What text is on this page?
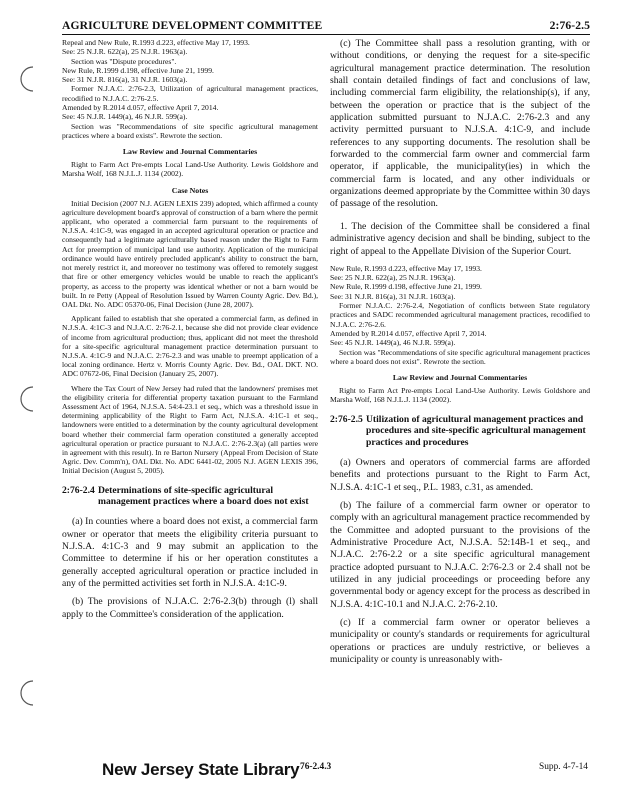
AGRICULTURE DEVELOPMENT COMMITTEE	2:76-2.5

Repeal and New Rule, R.1993 d.223, effective May 17, 1993.

See: 25 N.J.R. 622(a), 25 N.J.R. 1963(a).

Section was "Dispute procedures".

New Rule, R.1999 d.198, effective June 21, 1999.

See: 31 N.J.R. 816(a), 31 N.J.R. 1603(a).

Former N.J.A.C. 2:76-2.3, Utilization of agricultural management practices, recodified to N.J.A.C. 2:76-2.5.

Amended by R.2014 d.057, effective April 7, 2014.

See: 45 N.J.R. 1449(a), 46 N.J.R. 599(a).

Section was "Recommendations of site specific agricultural management practices where a board exists". Rewrote the section.

Law Review and Journal Commentaries

Right to Farm Act Pre-empts Local Land-Use Authority. Lewis Goldshore and Marsha Wolf, 168 N.J.L.J. 1134 (2002).

Case Notes

Initial Decision (2007 N.J. AGEN LEXIS 239) adopted, which affirmed a county agriculture development board's approval of construction of a barn where the permit applicant, who operated a commercial farm pursuant to the requirements of N.J.S.A. 4:1C-9, was engaged in an accepted agricultural operation or practice and consequently had a legitimate agriculturally based reason under the Right to Farm Act for preemption of municipal land use authority. Application of the municipal ordinance would have entirely precluded applicant's ability to construct the barn, not merely restrict it, and moreover no testimony was offered to remotely suggest that fire or other emergency vehicles would be unable to reach the applicant's property, as access to the property was identical whether or not a barn would be built. In re Petty (Appeal of Resolution Issued by Warren County Agric. Dev. Bd.), OAL Dkt. No. ADC 05370-06, Final Decision (June 28, 2007).

Applicant failed to establish that she operated a commercial farm, as defined in N.J.S.A. 4:1C-3 and N.J.A.C. 2:76-2.1, because she did not provide clear evidence of income from agricultural production; thus, applicant did not meet the threshold for a site-specific agricultural management practice determination pursuant to N.J.S.A. 4:1C-9 and N.J.A.C. 2:76-2.3 and was unable to preempt application of a local zoning ordinance. Hertz v. Morris County Agric. Dev. Bd., OAL DKT. NO. ADC 07672-06, Final Decision (January 25, 2007).

Where the Tax Court of New Jersey had ruled that the landowners' premises met the eligibility criteria for differential property taxation pursuant to the Farmland Assessment Act of 1964, N.J.S.A. 54:4-23.1 et seq., which was a threshold issue in determining applicability of the Right to Farm Act, N.J.S.A. 4:1C-1 et seq., landowners were entitled to a determination by the county agricultural development board whether their commercial farm operation constituted a generally accepted agricultural operation or practice pursuant to N.J.A.C. 2:76-2.3(a) (all parties were in agreement with this result). In re Barton Nursery (Appeal From Decision of State Agric. Dev. Comm'n), OAL Dkt. No. ADC 6441-02, 2005 N.J. AGEN LEXIS 396, Initial Decision (August 5, 2005).

2:76-2.4 Determinations of site-specific agricultural management practices where a board does not exist

(a) In counties where a board does not exist, a commercial farm owner or operator that meets the eligibility criteria pursuant to N.J.S.A. 4:1C-3 and 9 may submit an application to the Committee to determine if his or her operation constitutes a generally accepted agricultural operation or practice included in any of the permitted activities set forth in N.J.S.A. 4:1C-9.

(b) The provisions of N.J.A.C. 2:76-2.3(b) through (l) shall apply to the Committee's consideration of the application.

(c) The Committee shall pass a resolution granting, with or without conditions, or denying the request for a site-specific agricultural management practice determination. The resolution shall contain detailed findings of fact and conclusions of law, including commercial farm eligibility, the relationship(s), if any, between the operation or practice that is the subject of the application submitted pursuant to N.J.A.C. 2:76-2.3 and any activity permitted pursuant to N.J.S.A. 4:1C-9, and include references to any supporting documents. The resolution shall be forwarded to the commercial farm owner and commercial farm operator, if applicable, the municipality(ies) in which the commercial farm is located, and any other individuals or organizations deemed appropriate by the Committee within 30 days of passage of the resolution.

1. The decision of the Committee shall be considered a final administrative agency decision and shall be binding, subject to the right of appeal to the Appellate Division of the Superior Court.

New Rule, R.1993 d.223, effective May 17, 1993.

See: 25 N.J.R. 622(a), 25 N.J.R. 1963(a).

New Rule, R.1999 d.198, effective June 21, 1999.

See: 31 N.J.R. 816(a), 31 N.J.R. 1603(a).

Former N.J.A.C. 2:76-2.4, Negotiation of conflicts between State regulatory practices and SADC recommended agricultural management practices, recodified to N.J.A.C. 2:76-2.6.

Amended by R.2014 d.057, effective April 7, 2014.

See: 45 N.J.R. 1449(a), 46 N.J.R. 599(a).

Section was "Recommendations of site specific agricultural management practices where a board does not exist". Rewrote the section.

Law Review and Journal Commentaries

Right to Farm Act Pre-empts Local Land-Use Authority. Lewis Goldshore and Marsha Wolf, 168 N.J.L.J. 1134 (2002).

2:76-2.5 Utilization of agricultural management practices and procedures and site-specific agricultural management practices and procedures

(a) Owners and operators of commercial farms are afforded benefits and protections pursuant to the Right to Farm Act, N.J.S.A. 4:1C-1 et seq., P.L. 1983, c.31, as amended.

(b) The failure of a commercial farm owner or operator to comply with an agricultural management practice recommended by the Committee and adopted pursuant to the provisions of the Administrative Procedure Act, N.J.S.A. 52:14B-1 et seq., and N.J.A.C. 2:76-2.2 or a site specific agricultural management practice adopted pursuant to N.J.A.C. 2:76-2.3 or 2.4 shall not be utilized in any judicial proceedings or proceeding before any governmental body or agency except for the process as described in N.J.S.A. 4:1C-10.1 and N.J.A.C. 2:76-2.10.

(c) If a commercial farm owner or operator believes a municipality or county's standards or requirements for agricultural operations or practices are unduly restrictive, or believes a municipality or county is unreasonably with-

New Jersey State Library 76-2.4.3	Supp. 4-7-14
